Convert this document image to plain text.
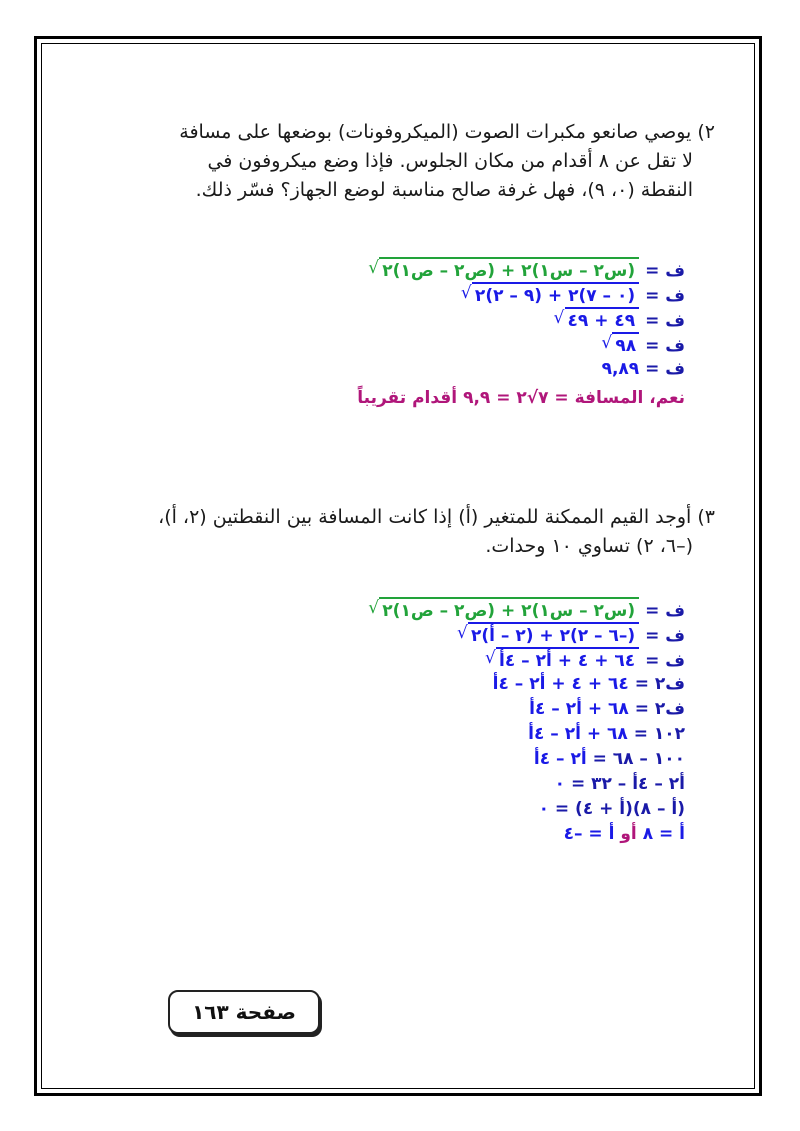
٢) يوصي صانعو مكبرات الصوت (الميكروفونات) بوضعها على مسافة
لا تقل عن ٨ أقدام من مكان الجلوس. فإذا وضع ميكروفون في
النقطة (٠، ٩)، فهل غرفة صالح مناسبة لوضع الجهاز؟ فسّر ذلك.
ف = (س٢ – س١)٢ + (ص٢ – ص١)٢ √
ف = (٠ – ٧)٢ + (٩ – ٢)٢ √
ف = ٤٩ + ٤٩ √
ف = ٩٨ √
ف = ٩,٨٩
نعم، المسافة = ٧√٢ = ٩,٩ أقدام تقريباً
٣) أوجد القيم الممكنة للمتغير (أ) إذا كانت المسافة بين النقطتين (٢، أ)،
(–٦، ٢) تساوي ١٠ وحدات.
ف = (س٢ – س١)٢ + (ص٢ – ص١)٢ √
ف = (–٦ – ٢)٢ + (٢ – أ)٢ √
ف = ٦٤ + ٤ + أ٢ – ٤أ √
ف٢ = ٦٤ + ٤ + أ٢ – ٤أ
ف٢ = ٦٨ + أ٢ – ٤أ
١٠٢ = ٦٨ + أ٢ – ٤أ
١٠٠ – ٦٨ = أ٢ – ٤أ
أ٢ – ٤أ – ٣٢ = ٠
(أ – ٨)(أ + ٤) = ٠
أ = ٨ أو أ = –٤
صفحة ١٦٣
